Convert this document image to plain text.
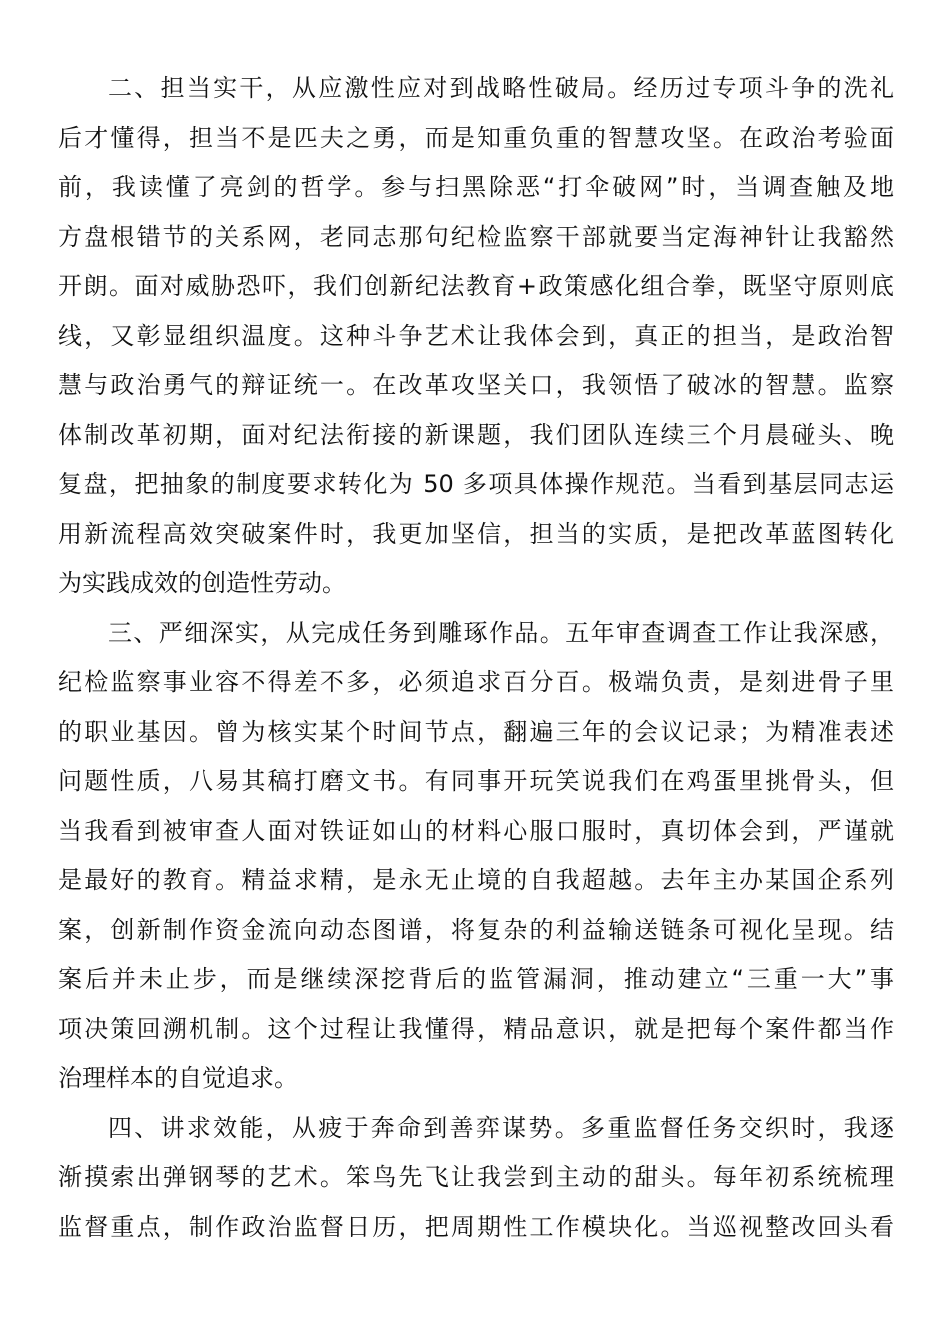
二、担当实干，从应激性应对到战略性破局。经历过专项斗争的洗礼
后才懂得，担当不是匹夫之勇，而是知重负重的智慧攻坚。在政治考验面
前，我读懂了亮剑的哲学。参与扫黑除恶“打伞破网”时，当调查触及地
方盘根错节的关系网，老同志那句纪检监察干部就要当定海神针让我豁然
开朗。面对威胁恐吓，我们创新纪法教育+政策感化组合拳，既坚守原则底
线，又彰显组织温度。这种斗争艺术让我体会到，真正的担当，是政治智
慧与政治勇气的辩证统一。在改革攻坚关口，我领悟了破冰的智慧。监察
体制改革初期，面对纪法衔接的新课题，我们团队连续三个月晨碰头、晚
复盘，把抽象的制度要求转化为 50 多项具体操作规范。当看到基层同志运
用新流程高效突破案件时，我更加坚信，担当的实质，是把改革蓝图转化
为实践成效的创造性劳动。
三、严细深实，从完成任务到雕琢作品。五年审查调查工作让我深感，
纪检监察事业容不得差不多，必须追求百分百。极端负责，是刻进骨子里
的职业基因。曾为核实某个时间节点，翻遍三年的会议记录；为精准表述
问题性质，八易其稿打磨文书。有同事开玩笑说我们在鸡蛋里挑骨头，但
当我看到被审查人面对铁证如山的材料心服口服时，真切体会到，严谨就
是最好的教育。精益求精，是永无止境的自我超越。去年主办某国企系列
案，创新制作资金流向动态图谱，将复杂的利益输送链条可视化呈现。结
案后并未止步，而是继续深挖背后的监管漏洞，推动建立“三重一大”事
项决策回溯机制。这个过程让我懂得，精品意识，就是把每个案件都当作
治理样本的自觉追求。
四、讲求效能，从疲于奔命到善弈谋势。多重监督任务交织时，我逐
渐摸索出弹钢琴的艺术。笨鸟先飞让我尝到主动的甜头。每年初系统梳理
监督重点，制作政治监督日历，把周期性工作模块化。当巡视整改回头看
